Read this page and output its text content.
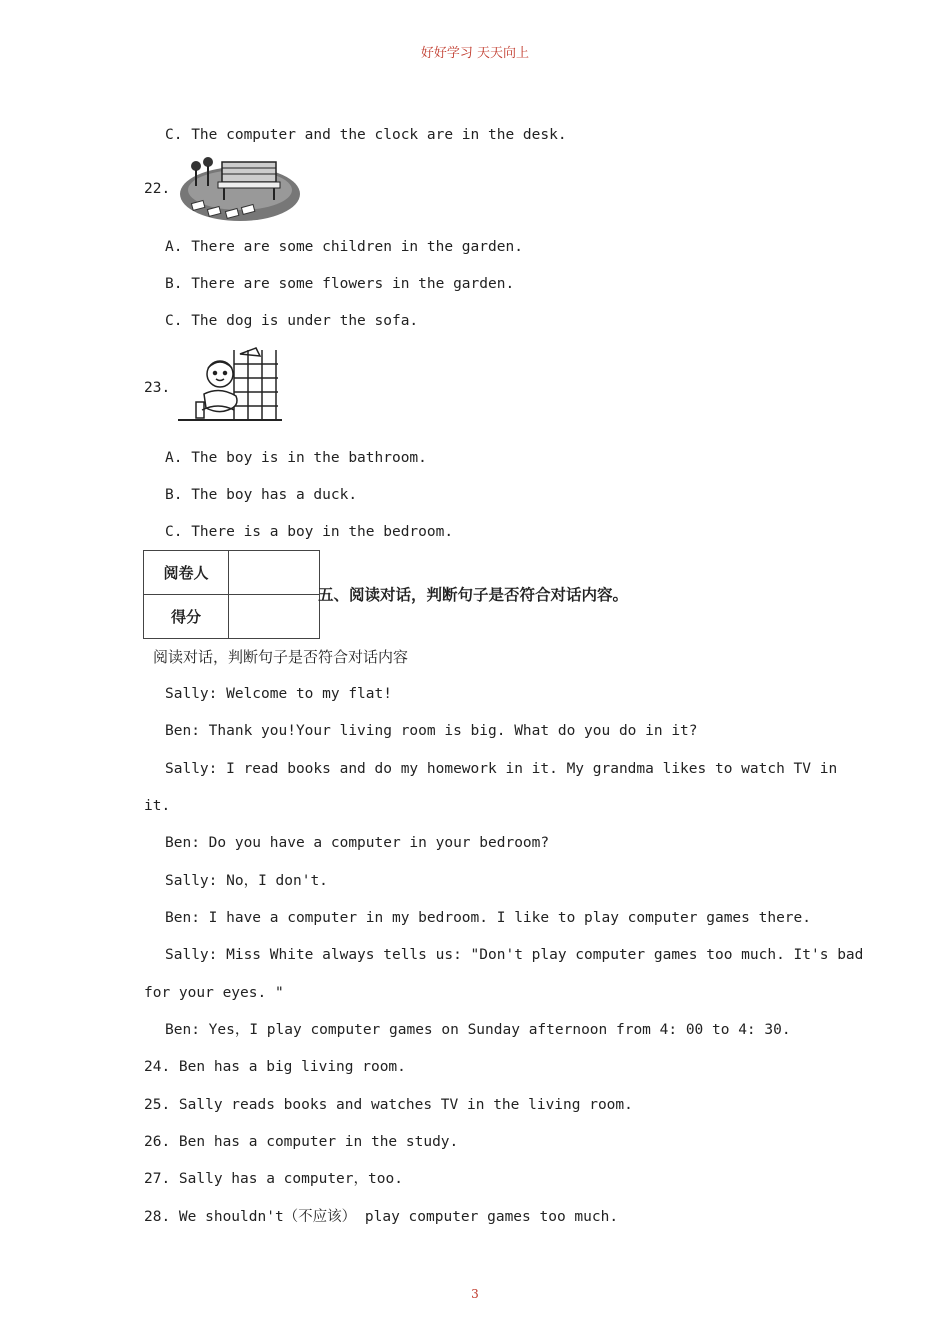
好好学习 天天向上
C. The computer and the clock are in the desk.
22.
A. There are some children in the garden.
B. There are some flowers in the garden.
C. The dog is under the sofa.
23.
A. The boy is in the bathroom.
B. The boy has a duck.
C. There is a boy in the bedroom.
阅卷人	
得分	
五、阅读对话，判断句子是否符合对话内容。
阅读对话，判断句子是否符合对话内容
Sally: Welcome to my flat!
Ben: Thank you!Your living room is big. What do you do in it?
Sally: I read books and do my homework in it. My grandma likes to watch TV in
it.
Ben: Do you have a computer in your bedroom?
Sally: No，I don't.
Ben: I have a computer in my bedroom. I like to play computer games there.
Sally: Miss White always tells us: "Don't play computer games too much. It's bad
for your eyes. "
Ben: Yes，I play computer games on Sunday afternoon from 4: 00 to 4: 30.
24. Ben has a big living room.
25. Sally reads books and watches TV in the living room.
26. Ben has a computer in the study.
27. Sally has a computer，too.
28. We shouldn't（不应该） play computer games too much.
3
